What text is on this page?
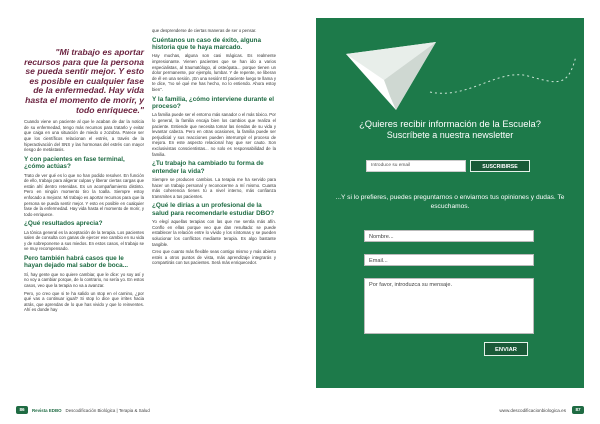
"Mi trabajo es aportar recursos para que la persona se pueda sentir mejor. Y esto es posible en cualquier fase de la enfermedad. Hay vida hasta el momento de morir, y todo enriquece."
Cuando viene un paciente al que le acaban de dar la noticia de su enfermedad, tengo más recursos para tratarlo y evitar que caiga en una situación de miedo o zozobra. Parece ser que los científicos relacionan el estrés, a través de la hiperactivación del SNS y las hormonas del estrés con mayor riesgo de metástasis.
Y con pacientes en fase terminal, ¿cómo actúas?
Trato de ver qué es lo que no han podido resolver. En función de ello, trabajo para aligerar culpas y liberar ciertas cargas que están ahí dentro retenidas. Es un acompañamiento distinto. Pero en ningún momento tiro la toalla. Siempre estoy enfocado a mejorar. Mi trabajo es aportar recursos para que la persona se pueda sentir mejor. Y esto es posible en cualquier fase de la enfermedad. Hay vida hasta el momento de morir, y todo enriquece.
¿Qué resultados aprecia?
La tónica general es la aceptación de la terapia. Los pacientes salen de consulta con ganas de ejercer ese cambio en su vida y de sobreponerse a sus miedos. En estos casos, el trabajo se ve muy recompensado.
Pero también habrá casos que le hayan dejado mal sabor de boca...
Sí, hay gente que no quiere cambiar, que le dice: yo soy así y no voy a cambiar porque, de lo contrario, no sería yo. En estos casos, veo que la terapia no va a avanzar.
Pero, yo creo que si te ha salido un stop en el camino, ¿por qué vas a continuar igual? Si stop lo dice que irrites hacia atrás, que aprendas de lo que has vivido y que lo reinventes. Ahí es donde hay
que desprenderse de ciertas maneras de ser o pensar.
Cuéntanos un caso de éxito, alguna historia que te haya marcado.
Hay muchas, alguna son casi mágicas. Es realmente impresionante. Vienen pacientes que se han ido a varios especialistas, al traumatólogo, al osteópata... porque tienen un dolor permanente, por ejemplo, lumbar. Y de repente, se liberan de él en una sesión. ¡En una sesión! El paciente luego te llama y te dice, "no sé qué me has hecho, no lo entiendo. Ahora estoy bien".
Y la familia, ¿cómo interviene durante el proceso?
La familia puede ser el entorno más sanador o el más tóxico. Por lo general, la familia encaja bien los cambios que realiza el paciente. Entiende que necesita tomar las riendas de su vida y levantar cabeza. Pero en otras ocasiones, la familia puede ser perjudicial y sus reacciones pueden interrumpir el proceso de mejora. En este aspecto relacional hay que ser cauto. Son exclusivistas conscientistas... no solo es responsabilidad de la familia.
¿Tu trabajo ha cambiado tu forma de entender la vida?
Siempre se producen cambios. La terapia me ha servido para hacer un trabajo personal y reconocerme a mí mismo. Cuanta más coherencia tienes tú a nivel interno, más confianza transmites a tus pacientes.
¿Qué le dirías a un profesional de la salud para recomendarle estudiar DBO?
Yo elegí aquellas terapias con las que me sentía más afín. Conflo en ellas porque veo que dan resultado: se puede establecer la relación entre lo vivido y los síntomas y se pueden solucionar los conflictos mediante terapia. Es algo bastante tangible.
Creo que cuanto más flexible seas contigo mismo y más abierto estés a otros puntos de vista, más aprendizaje integrarás y compartirás con tus pacientes. Será más enriquecedor.
86	Revista EDBO Descodificación Biológica | Terapia & Salud
¿Quieres recibir información de la Escuela?
Suscríbete a nuestra newsletter
Introduce su email	SUSCRIBIRSE
...Y si lo prefieres, puedes preguntarnos o enviarnos tus opiniones y dudas. Te escuchamos.
Nombre...
Email...
Por favor, introduzca su mensaje.
ENVIAR
www.descodificacionbiologica.es	87
